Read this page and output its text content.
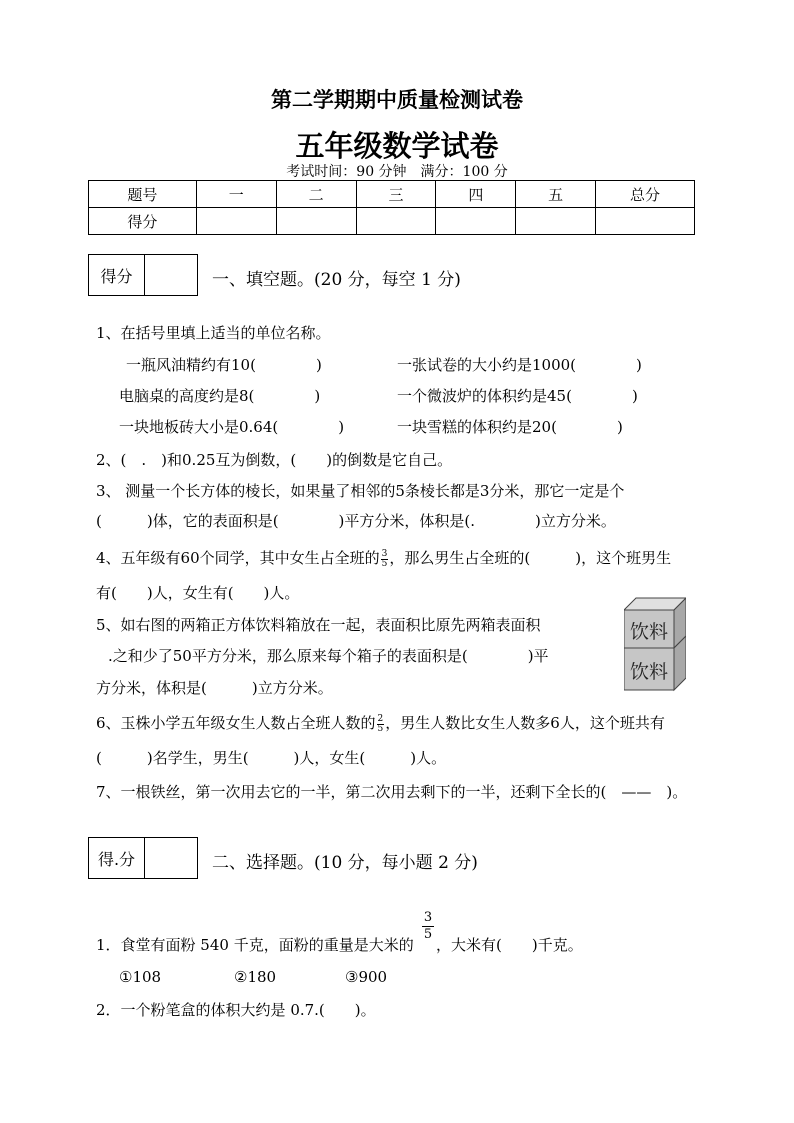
第二学期期中质量检测试卷
五年级数学试卷
考试时间：90 分钟　满分：100 分
题号	一	二	三	四	五	总分
得分						
得分	一、填空题。(20 分，每空 1 分)
1、在括号里填上适当的单位名称。
一瓶风油精约有10(　　　　)	一张试卷的大小约是1000(　　　　)
电脑桌的高度约是8(　　　　)	一个微波炉的体积约是45(　　　　)
一块地板砖大小是0.64(　　　　)	一块雪糕的体积约是20(　　　　)
2、(　.　)和0.25互为倒数，(　　)的倒数是它自己。
3、 测量一个长方体的棱长，如果量了相邻的5条棱长都是3分米，那它一定是个
(　　　)体，它的表面积是(　　　　)平方分米，体积是(.　　　　)立方分米。
4、五年级有60个同学，其中女生占全班的 $\frac{3}{5}$ ，那么男生占全班的(　　　)，这个班男生
有(　　)人，女生有(　　)人。
5、如右图的两箱正方体饮料箱放在一起，表面积比原先两箱表面积
.之和少了50平方分米，那么原来每个箱子的表面积是(　　　　)平
方分米，体积是(　　　)立方分米。
饮料
饮料
6、玉株小学五年级女生人数占全班人数的 $\frac{2}{5}$ ，男生人数比女生人数多6人，这个班共有
(　　　)名学生，男生(　　　)人，女生(　　　)人。
7、一根铁丝，第一次用去它的一半，第二次用去剩下的一半，还剩下全长的(　——　)。
得.分	二、选择题。(10 分，每小题 2 分)
$\frac{3}{5}$
1．食堂有面粉 540 千克，面粉的重量是大米的 ，大米有(　　)千克。
①108	②180	③900
2．一个粉笔盒的体积大约是 0.7.(　　)。
